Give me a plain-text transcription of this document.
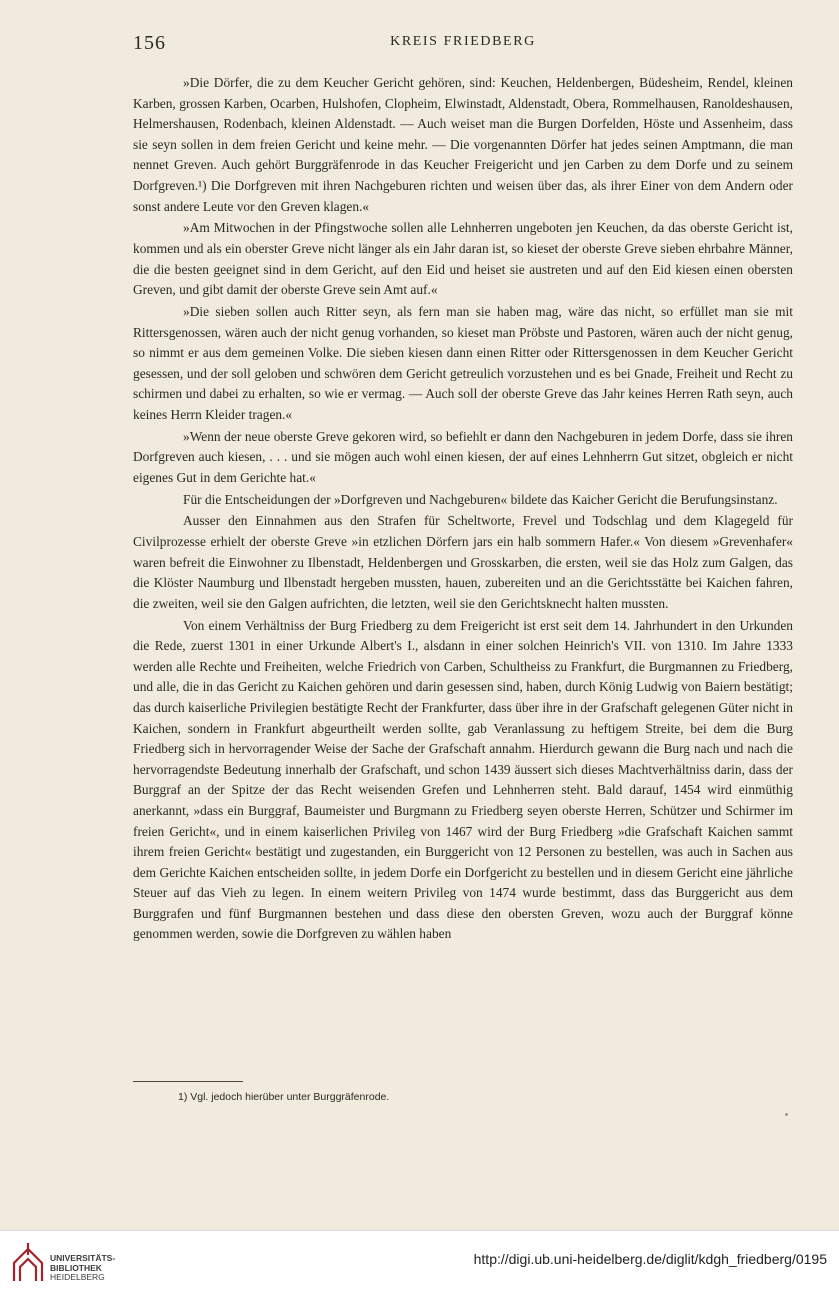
156	KREIS FRIEDBERG

»Die Dörfer, die zu dem Keucher Gericht gehören, sind: Keuchen, Heldenbergen, Büdesheim, Rendel, kleinen Karben, grossen Karben, Ocarben, Hulshofen, Clopheim, Elwinstadt, Aldenstadt, Obera, Rommelhausen, Ranoldeshausen, Helmershausen, Rodenbach, kleinen Aldenstadt. — Auch weiset man die Burgen Dorfelden, Höste und Assenheim, dass sie seyn sollen in dem freien Gericht und keine mehr. — Die vorgenannten Dörfer hat jedes seinen Amptmann, die man nennet Greven. Auch gehört Burggräfenrode in das Keucher Freigericht und jen Carben zu dem Dorfe und zu seinem Dorfgreven.¹) Die Dorfgreven mit ihren Nachgeburen richten und weisen über das, als ihrer Einer von dem Andern oder sonst andere Leute vor den Greven klagen.«

»Am Mitwochen in der Pfingstwoche sollen alle Lehnherren ungeboten jen Keuchen, da das oberste Gericht ist, kommen und als ein oberster Greve nicht länger als ein Jahr daran ist, so kieset der oberste Greve sieben ehrbahre Männer, die die besten geeignet sind in dem Gericht, auf den Eid und heiset sie austreten und auf den Eid kiesen einen obersten Greven, und gibt damit der oberste Greve sein Amt auf.«

»Die sieben sollen auch Ritter seyn, als fern man sie haben mag, wäre das nicht, so erfüllet man sie mit Rittersgenossen, wären auch der nicht genug vorhanden, so kieset man Pröbste und Pastoren, wären auch der nicht genug, so nimmt er aus dem gemeinen Volke. Die sieben kiesen dann einen Ritter oder Rittersgenossen in dem Keucher Gericht gesessen, und der soll geloben und schwören dem Gericht getreulich vorzustehen und es bei Gnade, Freiheit und Recht zu schirmen und dabei zu erhalten, so wie er vermag. — Auch soll der oberste Greve das Jahr keines Herren Rath seyn, auch keines Herrn Kleider tragen.«

»Wenn der neue oberste Greve gekoren wird, so befiehlt er dann den Nachgeburen in jedem Dorfe, dass sie ihren Dorfgreven auch kiesen, . . . und sie mögen auch wohl einen kiesen, der auf eines Lehnherrn Gut sitzet, obgleich er nicht eigenes Gut in dem Gerichte hat.«

Für die Entscheidungen der »Dorfgreven und Nachgeburen« bildete das Kaicher Gericht die Berufungsinstanz.

Ausser den Einnahmen aus den Strafen für Scheltworte, Frevel und Todschlag und dem Klagegeld für Civilprozesse erhielt der oberste Greve »in etzlichen Dörfern jars ein halb sommern Hafer.« Von diesem »Grevenhafer« waren befreit die Einwohner zu Ilbenstadt, Heldenbergen und Grosskarben, die ersten, weil sie das Holz zum Galgen, das die Klöster Naumburg und Ilbenstadt hergeben mussten, hauen, zubereiten und an die Gerichtsstätte bei Kaichen fahren, die zweiten, weil sie den Galgen aufrichten, die letzten, weil sie den Gerichtsknecht halten mussten.

Von einem Verhältniss der Burg Friedberg zu dem Freigericht ist erst seit dem 14. Jahrhundert in den Urkunden die Rede, zuerst 1301 in einer Urkunde Albert's I., alsdann in einer solchen Heinrich's VII. von 1310. Im Jahre 1333 werden alle Rechte und Freiheiten, welche Friedrich von Carben, Schultheiss zu Frankfurt, die Burgmannen zu Friedberg, und alle, die in das Gericht zu Kaichen gehören und darin gesessen sind, haben, durch König Ludwig von Baiern bestätigt; das durch kaiserliche Privilegien bestätigte Recht der Frankfurter, dass über ihre in der Grafschaft gelegenen Güter nicht in Kaichen, sondern in Frankfurt abgeurtheilt werden sollte, gab Veranlassung zu heftigem Streite, bei dem die Burg Friedberg sich in hervorragender Weise der Sache der Grafschaft annahm. Hierdurch gewann die Burg nach und nach die hervorragendste Bedeutung innerhalb der Grafschaft, und schon 1439 äussert sich dieses Machtverhältniss darin, dass der Burggraf an der Spitze der das Recht weisenden Grefen und Lehnherren steht. Bald darauf, 1454 wird einmüthig anerkannt, »dass ein Burggraf, Baumeister und Burgmann zu Friedberg seyen oberste Herren, Schützer und Schirmer im freien Gericht«, und in einem kaiserlichen Privileg von 1467 wird der Burg Friedberg »die Grafschaft Kaichen sammt ihrem freien Gericht« bestätigt und zugestanden, ein Burggericht von 12 Personen zu bestellen, was auch in Sachen aus dem Gerichte Kaichen entscheiden sollte, in jedem Dorfe ein Dorfgericht zu bestellen und in diesem Gericht eine jährliche Steuer auf das Vieh zu legen. In einem weitern Privileg von 1474 wurde bestimmt, dass das Burggericht aus dem Burggrafen und fünf Burgmannen bestehen und dass diese den obersten Greven, wozu auch der Burggraf könne genommen werden, sowie die Dorfgreven zu wählen haben

1) Vgl. jedoch hierüber unter Burggräfenrode.
UNIVERSITÄTS-
BIBLIOTHEK
HEIDELBERG
http://digi.ub.uni-heidelberg.de/diglit/kdgh_friedberg/0195
